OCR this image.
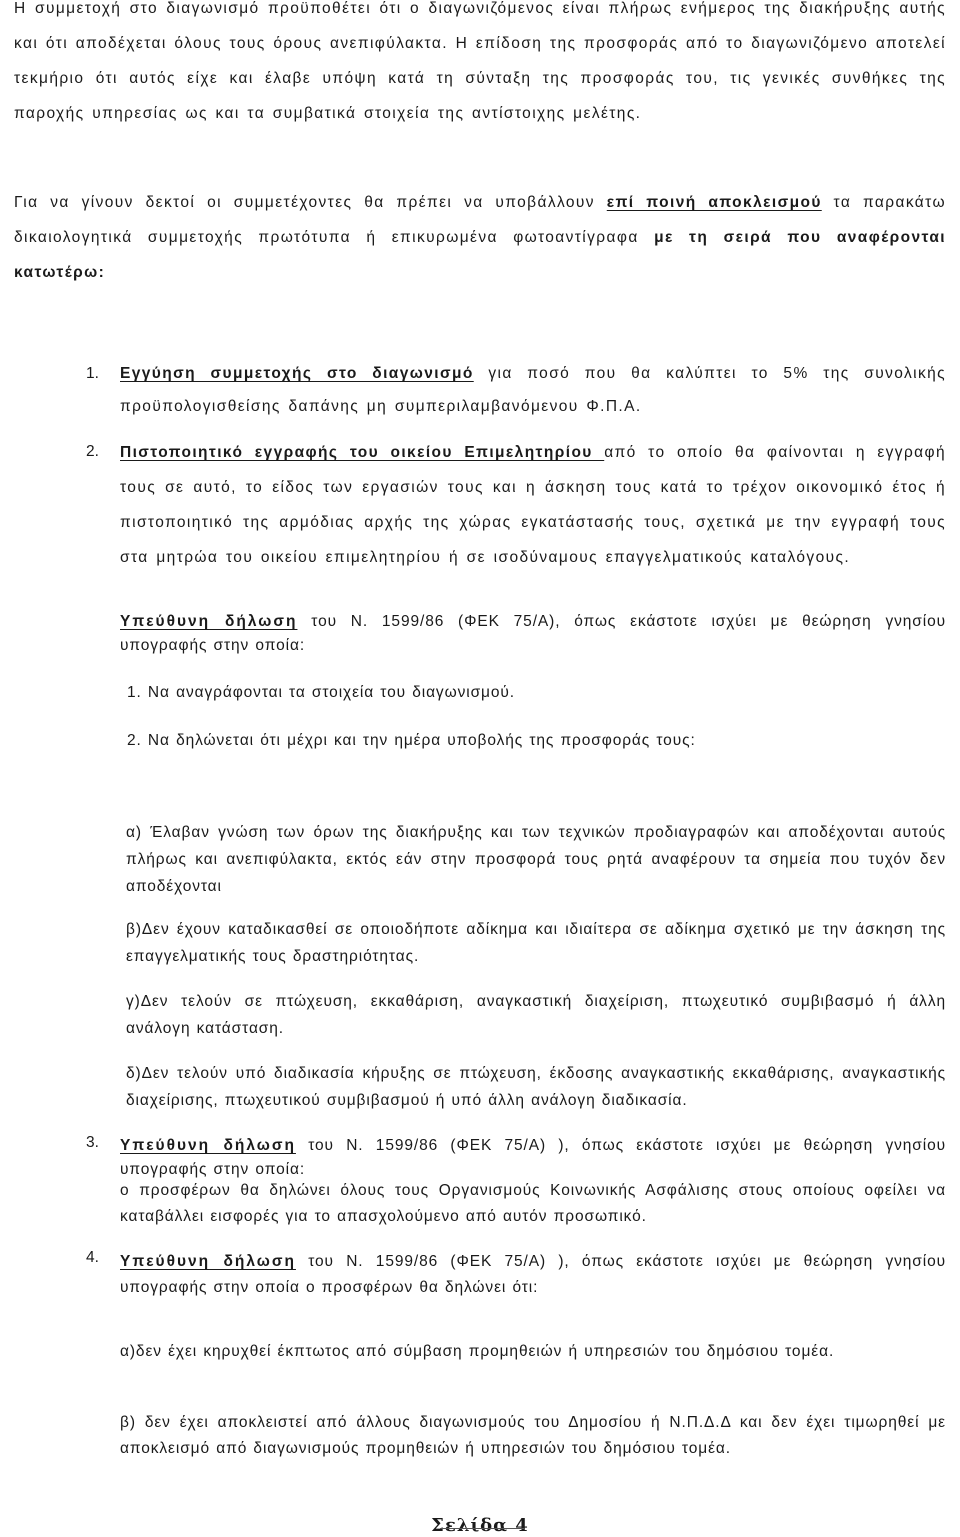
Η συμμετοχή στο διαγωνισμό προϋποθέτει ότι ο διαγωνιζόμενος είναι πλήρως ενήμερος της διακήρυξης αυτής και ότι αποδέχεται όλους τους όρους ανεπιφύλακτα. Η επίδοση της προσφοράς από το διαγωνιζόμενο αποτελεί τεκμήριο ότι αυτός είχε και έλαβε υπόψη κατά τη σύνταξη της προσφοράς του, τις γενικές συνθήκες της παροχής υπηρεσίας ως και τα συμβατικά στοιχεία της αντίστοιχης μελέτης.
Για να γίνουν δεκτοί οι συμμετέχοντες θα πρέπει να υποβάλλουν επί ποινή αποκλεισμού τα παρακάτω δικαιολογητικά συμμετοχής πρωτότυπα ή επικυρωμένα φωτοαντίγραφα με τη σειρά που αναφέρονται κατωτέρω:
1. Εγγύηση συμμετοχής στο διαγωνισμό για ποσό που θα καλύπτει το 5% της συνολικής προϋπολογισθείσης δαπάνης μη συμπεριλαμβανόμενου Φ.Π.Α.
2. Πιστοποιητικό εγγραφής του οικείου Επιμελητηρίου από το οποίο θα φαίνονται η εγγραφή τους σε αυτό, το είδος των εργασιών τους και η άσκηση τους κατά το τρέχον οικονομικό έτος ή πιστοποιητικό της αρμόδιας αρχής της χώρας εγκατάστασής τους, σχετικά με την εγγραφή τους στα μητρώα του οικείου επιμελητηρίου ή σε ισοδύναμους επαγγελματικούς καταλόγους.
Υπεύθυνη δήλωση του Ν. 1599/86 (ΦΕΚ 75/Α), όπως εκάστοτε ισχύει με θεώρηση γνησίου υπογραφής στην οποία:
1. Να αναγράφονται τα στοιχεία του διαγωνισμού.
2. Να δηλώνεται ότι μέχρι και την ημέρα υποβολής της προσφοράς τους:
α) Έλαβαν γνώση των όρων της διακήρυξης και των τεχνικών προδιαγραφών και αποδέχονται αυτούς πλήρως και ανεπιφύλακτα, εκτός εάν στην προσφορά τους ρητά αναφέρουν τα σημεία που τυχόν δεν αποδέχονται
β)Δεν έχουν καταδικασθεί σε οποιοδήποτε αδίκημα και ιδιαίτερα σε αδίκημα σχετικό με την άσκηση της επαγγελματικής τους δραστηριότητας.
γ)Δεν τελούν σε πτώχευση, εκκαθάριση, αναγκαστική διαχείριση, πτωχευτικό συμβιβασμό ή άλλη ανάλογη κατάσταση.
δ)Δεν τελούν υπό διαδικασία κήρυξης σε πτώχευση, έκδοσης αναγκαστικής εκκαθάρισης, αναγκαστικής διαχείρισης, πτωχευτικού συμβιβασμού ή υπό άλλη ανάλογη διαδικασία.
3. Υπεύθυνη δήλωση του Ν. 1599/86 (ΦΕΚ 75/Α) ), όπως εκάστοτε ισχύει με θεώρηση γνησίου υπογραφής στην οποία:
ο προσφέρων θα δηλώνει όλους τους Οργανισμούς Κοινωνικής Ασφάλισης στους οποίους οφείλει να καταβάλλει εισφορές για το απασχολούμενο από αυτόν προσωπικό.
4. Υπεύθυνη δήλωση του Ν. 1599/86 (ΦΕΚ 75/Α) ), όπως εκάστοτε ισχύει με θεώρηση γνησίου υπογραφής στην οποία ο προσφέρων θα δηλώνει ότι:
α)δεν έχει κηρυχθεί έκπτωτος από σύμβαση προμηθειών ή υπηρεσιών του δημόσιου τομέα.
β) δεν έχει αποκλειστεί από άλλους διαγωνισμούς του Δημοσίου ή Ν.Π.Δ.Δ και δεν έχει τιμωρηθεί με αποκλεισμό από διαγωνισμούς προμηθειών ή υπηρεσιών του δημόσιου τομέα.
Σελίδα 4
